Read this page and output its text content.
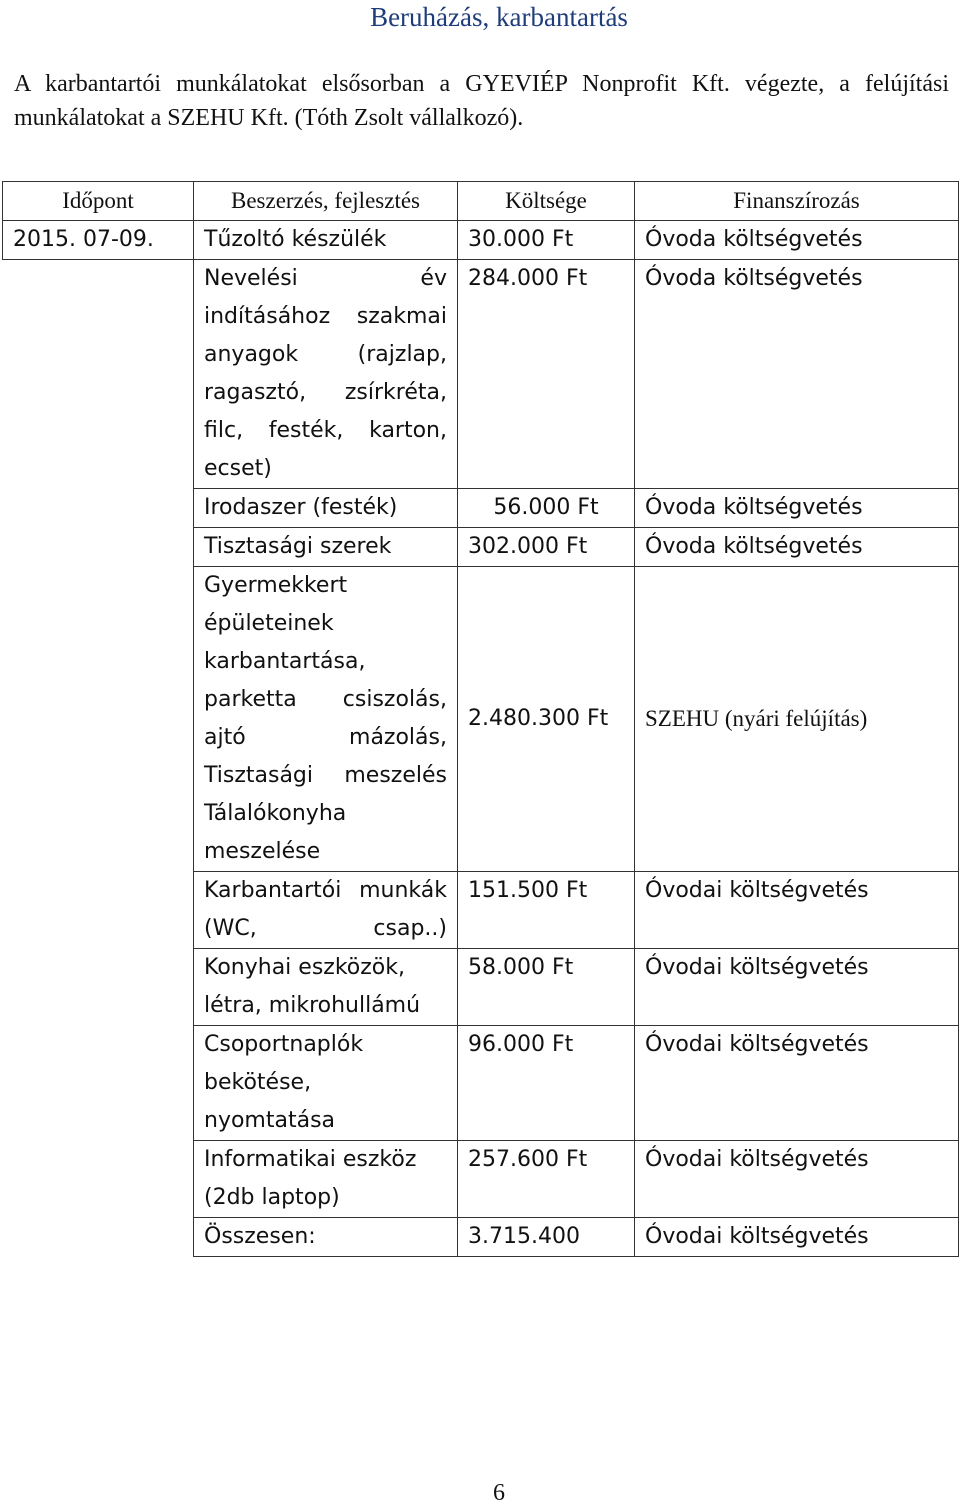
Beruházás, karbantartás
A karbantartói munkálatokat elsősorban a GYEVIÉP Nonprofit Kft. végezte, a felújítási munkálatokat a SZEHU Kft. (Tóth Zsolt vállalkozó).
Időpont	Beszerzés, fejlesztés	Költsége	Finanszírozás
2015. 07-09.	Tűzoltó készülék	30.000 Ft	Óvoda költségvetés
	Nevelési év indításához szakmai anyagok (rajzlap, ragasztó, zsírkréta, filc, festék, karton, ecset)	284.000 Ft	Óvoda költségvetés
	Irodaszer (festék)	56.000 Ft	Óvoda költségvetés
	Tisztasági szerek	302.000 Ft	Óvoda költségvetés
	Gyermekkert épületeinek karbantartása, parketta csiszolás, ajtó mázolás, Tisztasági meszelés Tálalókonyha meszelése	2.480.300 Ft	SZEHU (nyári felújítás)
	Karbantartói munkák (WC, csap..)	151.500 Ft	Óvodai költségvetés
	Konyhai eszközök, létra, mikrohullámú	58.000 Ft	Óvodai költségvetés
	Csoportnaplók bekötése, nyomtatása	96.000 Ft	Óvodai költségvetés
	Informatikai eszköz (2db laptop)	257.600 Ft	Óvodai költségvetés
	Összesen:	3.715.400	Óvodai költségvetés
6
